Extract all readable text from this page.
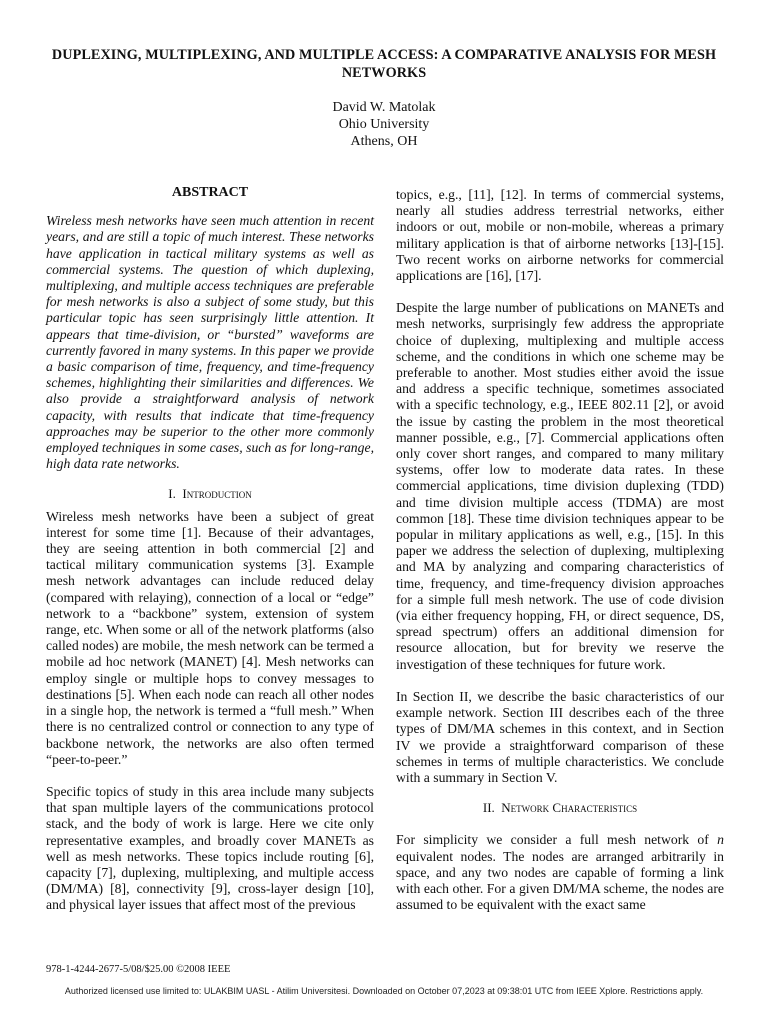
DUPLEXING, MULTIPLEXING, AND MULTIPLE ACCESS: A COMPARATIVE ANALYSIS FOR MESH NETWORKS
David W. Matolak
Ohio University
Athens, OH

ABSTRACT

Wireless mesh networks have seen much attention in recent years, and are still a topic of much interest. These networks have application in tactical military systems as well as commercial systems. The question of which duplexing, multiplexing, and multiple access techniques are preferable for mesh networks is also a subject of some study, but this particular topic has seen surprisingly little attention. It appears that time-division, or “bursted” waveforms are currently favored in many systems. In this paper we provide a basic comparison of time, frequency, and time-frequency schemes, highlighting their similarities and differences. We also provide a straightforward analysis of network capacity, with results that indicate that time-frequency approaches may be superior to the other more commonly employed techniques in some cases, such as for long-range, high data rate networks.

I. Introduction

Wireless mesh networks have been a subject of great interest for some time [1]. Because of their advantages, they are seeing attention in both commercial [2] and tactical military communication systems [3]. Example mesh network advantages can include reduced delay (compared with relaying), connection of a local or “edge” network to a “backbone” system, extension of system range, etc. When some or all of the network platforms (also called nodes) are mobile, the mesh network can be termed a mobile ad hoc network (MANET) [4]. Mesh networks can employ single or multiple hops to convey messages to destinations [5]. When each node can reach all other nodes in a single hop, the network is termed a “full mesh.” When there is no centralized control or connection to any type of backbone network, the networks are also often termed “peer-to-peer.”

Specific topics of study in this area include many subjects that span multiple layers of the communications protocol stack, and the body of work is large. Here we cite only representative examples, and broadly cover MANETs as well as mesh networks. These topics include routing [6], capacity [7], duplexing, multiplexing, and multiple access (DM/MA) [8], connectivity [9], cross-layer design [10], and physical layer issues that affect most of the previous

topics, e.g., [11], [12]. In terms of commercial systems, nearly all studies address terrestrial networks, either indoors or out, mobile or non-mobile, whereas a primary military application is that of airborne networks [13]-[15]. Two recent works on airborne networks for commercial applications are [16], [17].

Despite the large number of publications on MANETs and mesh networks, surprisingly few address the appropriate choice of duplexing, multiplexing and multiple access scheme, and the conditions in which one scheme may be preferable to another. Most studies either avoid the issue and address a specific technique, sometimes associated with a specific technology, e.g., IEEE 802.11 [2], or avoid the issue by casting the problem in the most theoretical manner possible, e.g., [7]. Commercial applications often only cover short ranges, and compared to many military systems, offer low to moderate data rates. In these commercial applications, time division duplexing (TDD) and time division multiple access (TDMA) are most common [18]. These time division techniques appear to be popular in military applications as well, e.g., [15]. In this paper we address the selection of duplexing, multiplexing and MA by analyzing and comparing characteristics of time, frequency, and time-frequency division approaches for a simple full mesh network. The use of code division (via either frequency hopping, FH, or direct sequence, DS, spread spectrum) offers an additional dimension for resource allocation, but for brevity we reserve the investigation of these techniques for future work.

In Section II, we describe the basic characteristics of our example network. Section III describes each of the three types of DM/MA schemes in this context, and in Section IV we provide a straightforward comparison of these schemes in terms of multiple characteristics. We conclude with a summary in Section V.

II. Network Characteristics

For simplicity we consider a full mesh network of n equivalent nodes. The nodes are arranged arbitrarily in space, and any two nodes are capable of forming a link with each other. For a given DM/MA scheme, the nodes are assumed to be equivalent with the exact same

978-1-4244-2677-5/08/$25.00 ©2008 IEEE
Authorized licensed use limited to: ULAKBIM UASL - Atilim Universitesi. Downloaded on October 07,2023 at 09:38:01 UTC from IEEE Xplore. Restrictions apply.
